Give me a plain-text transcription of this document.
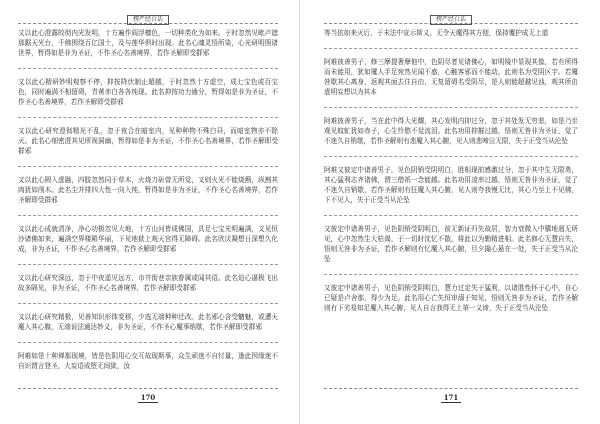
楞严经白话

又以此心澄露皎彻内光发明，十方遍作阎浮檀色，一切种类化为如来。于时忽然见毗卢遮那踞天光台，千佛围绕百亿国土，及与莲华俱时出现。此名心魂灵悟所染，心光研明照诸世界，暂得如是非为圣证，不作圣心名善境界，若作圣解即受群邪

又以此心精研妙明观察不停，抑按降伏制止超越，于时忽然十方虚空，成七宝色或百宝色，同时遍满不相留碍，青黄赤白各各纯现。此名抑按功力逾分，暂得如是非为圣证，不作圣心名善境界，若作圣解即受群邪

又以此心研究澄彻精光不乱，忽于夜合在暗室内，见种种物不殊白昼，而暗室物亦不除灭。此名心细密澄其见所视洞幽，暂得如是非为圣证，不作圣心名善境界，若作圣解即受群邪

又以此心圆入虚融，四肢忽然同于草木，火烧刀斫曾无所觉，又则火光不能烧爇，纵割其肉犹如削木。此名尘并排四大性一向入纯，暂得如是非为圣证，不作圣心名善境界，若作圣解即受群邪

又以此心成就清净，净心功极忽见大地，十方山河皆成佛国，具足七宝光明遍满，又见恒沙诸佛如来，遍满空界楼殿华丽，下见地狱上观天宫得无障碍。此名欣厌凝想日深想久化成，非为圣证，不作圣心名善境界，若作圣解即受群邪

又以此心研究深远，忽于中夜遥见远方，市井街巷亲族眷属或闻其语。此名迫心逼极飞出故多隔见，非为圣证，不作圣心名善境界，若作圣解即受群邪

又以此心研究精极，见善知识形体变移，少选无端种种迁改。此名邪心含受魑魅，或遭天魔入其心腹，无端说法通达妙义，非为圣证，不作圣心魔事销歇，若作圣解即受群邪

阿难如是十种禅那现境，皆是色阴用心交互故现斯事，众生顽迷不自忖量，逢此因缘迷不自识谓言登圣，大妄语成堕无间狱，汝

170
楞严经白话

等当依如来灭后，于末法中宣示斯义，无令天魔得其方便，保持覆护成无上道

阿难彼善男子，修三摩提奢摩他中，色阴尽者见诸佛心，如明镜中显现其像，若有所得而未能用，犹如魇人手足宛然见闻不惑，心触客邪而不能动，此则名为受阴区宇。若魇咎歇其心离身，返观其面去住自由，无复留碍名受阴尽，是人则能超越见浊，观其所由虚明妄想以为其本

阿难彼善男子，当在此中得大光耀，其心发明内抑过分，忽于其处发无穷悲，如是乃至观见蚊虻犹如赤子，心生怜愍不觉流泪。此名功用抑摧过越，悟则无咎非为圣证，觉了不迷久自销歇，若作圣解则有悲魔入其心腑，见人则悲啼泣无限，失于正受当从沦坠

阿难又彼定中诸善男子，见色阴销受阴明白，胜相现前感激过分，忽于其中生无限勇，其心猛利志齐诸佛，谓三僧祇一念能越。此名功用凌率过越，悟则无咎非为圣证，觉了不迷久自销歇，若作圣解则有狂魔入其心腑，见人则夸我慢无比，其心乃至上不见佛，下不见人，失于正受当从沦坠

又彼定中诸善男子，见色阴销受阴明白，前无新证归失故居，智力衰微入中隳地迥无所见，心中忽然生大枯渴，于一切时沈忆不散，将此以为勤精进相。此名修心无慧自失，悟则无咎非为圣证，若作圣解则有忆魔入其心腑，旦夕撮心悬在一处，失于正受当从沦坠

又彼定中诸善男子，见色阴销受阴明白，慧力过定失于猛利，以诸胜性怀于心中，自心已疑是卢舍那，得少为足。此名用心亡失恒审溺于知见，悟则无咎非为圣证，若作圣解则有下劣易知足魔入其心腑，见人自言我得无上第一义谛，失于正受当从沦坠

171
